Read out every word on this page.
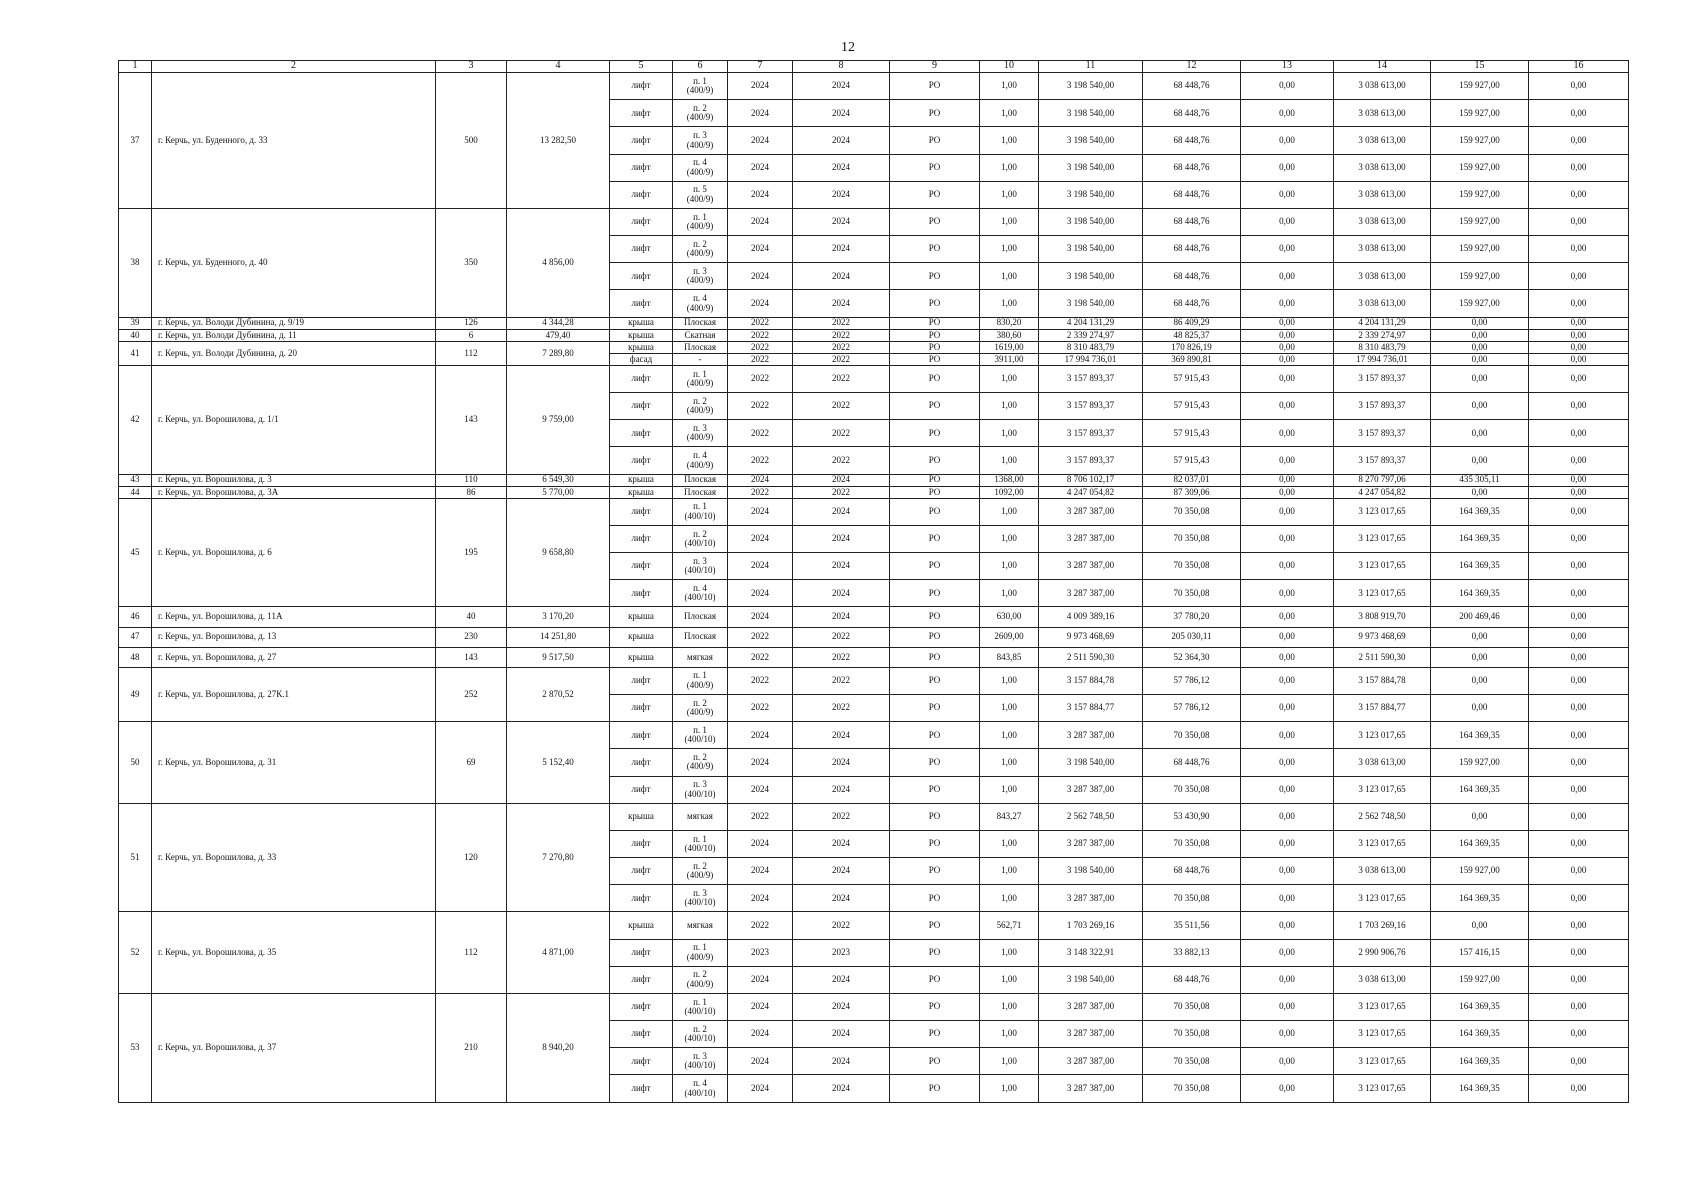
12
1	2	3	4	5	6	7	8	9	10	11	12	13	14	15	16
37	г. Керчь, ул. Буденного, д. 33	500	13 282,50	лифт	п. 1
(400/9)	2024	2024	РО	1,00	3 198 540,00	68 448,76	0,00	3 038 613,00	159 927,00	0,00
				лифт	п. 2
(400/9)	2024	2024	РО	1,00	3 198 540,00	68 448,76	0,00	3 038 613,00	159 927,00	0,00
				лифт	п. 3
(400/9)	2024	2024	РО	1,00	3 198 540,00	68 448,76	0,00	3 038 613,00	159 927,00	0,00
				лифт	п. 4
(400/9)	2024	2024	РО	1,00	3 198 540,00	68 448,76	0,00	3 038 613,00	159 927,00	0,00
				лифт	п. 5
(400/9)	2024	2024	РО	1,00	3 198 540,00	68 448,76	0,00	3 038 613,00	159 927,00	0,00
38	г. Керчь, ул. Буденного, д. 40	350	4 856,00	лифт	п. 1
(400/9)	2024	2024	РО	1,00	3 198 540,00	68 448,76	0,00	3 038 613,00	159 927,00	0,00
				лифт	п. 2
(400/9)	2024	2024	РО	1,00	3 198 540,00	68 448,76	0,00	3 038 613,00	159 927,00	0,00
				лифт	п. 3
(400/9)	2024	2024	РО	1,00	3 198 540,00	68 448,76	0,00	3 038 613,00	159 927,00	0,00
				лифт	п. 4
(400/9)	2024	2024	РО	1,00	3 198 540,00	68 448,76	0,00	3 038 613,00	159 927,00	0,00
39	г. Керчь, ул. Володи Дубинина, д. 9/19	126	4 344,28	крыша	Плоская	2022	2022	РО	830,20	4 204 131,29	86 409,29	0,00	4 204 131,29	0,00	0,00
40	г. Керчь, ул. Володи Дубинина, д. 11	6	479,40	крыша	Скатная	2022	2022	РО	380,60	2 339 274,97	48 825,37	0,00	2 339 274,97	0,00	0,00
41	г. Керчь, ул. Володи Дубинина, д. 20	112	7 289,80	крыша	Плоская	2022	2022	РО	1619,00	8 310 483,79	170 826,19	0,00	8 310 483,79	0,00	0,00
				фасад	-	2022	2022	РО	3911,00	17 994 736,01	369 890,81	0,00	17 994 736,01	0,00	0,00
42	г. Керчь, ул. Ворошилова, д. 1/1	143	9 759,00	лифт	п. 1
(400/9)	2022	2022	РО	1,00	3 157 893,37	57 915,43	0,00	3 157 893,37	0,00	0,00
				лифт	п. 2
(400/9)	2022	2022	РО	1,00	3 157 893,37	57 915,43	0,00	3 157 893,37	0,00	0,00
				лифт	п. 3
(400/9)	2022	2022	РО	1,00	3 157 893,37	57 915,43	0,00	3 157 893,37	0,00	0,00
				лифт	п. 4
(400/9)	2022	2022	РО	1,00	3 157 893,37	57 915,43	0,00	3 157 893,37	0,00	0,00
43	г. Керчь, ул. Ворошилова, д. 3	110	6 549,30	крыша	Плоская	2024	2024	РО	1368,00	8 706 102,17	82 037,01	0,00	8 270 797,06	435 305,11	0,00
44	г. Керчь, ул. Ворошилова, д. 3А	86	5 770,00	крыша	Плоская	2022	2022	РО	1092,00	4 247 054,82	87 309,06	0,00	4 247 054,82	0,00	0,00
45	г. Керчь, ул. Ворошилова, д. 6	195	9 658,80	лифт	п. 1
(400/10)	2024	2024	РО	1,00	3 287 387,00	70 350,08	0,00	3 123 017,65	164 369,35	0,00
				лифт	п. 2
(400/10)	2024	2024	РО	1,00	3 287 387,00	70 350,08	0,00	3 123 017,65	164 369,35	0,00
				лифт	п. 3
(400/10)	2024	2024	РО	1,00	3 287 387,00	70 350,08	0,00	3 123 017,65	164 369,35	0,00
				лифт	п. 4
(400/10)	2024	2024	РО	1,00	3 287 387,00	70 350,08	0,00	3 123 017,65	164 369,35	0,00
46	г. Керчь, ул. Ворошилова, д. 11А	40	3 170,20	крыша	Плоская	2024	2024	РО	630,00	4 009 389,16	37 780,20	0,00	3 808 919,70	200 469,46	0,00
47	г. Керчь, ул. Ворошилова, д. 13	230	14 251,80	крыша	Плоская	2022	2022	РО	2609,00	9 973 468,69	205 030,11	0,00	9 973 468,69	0,00	0,00
48	г. Керчь, ул. Ворошилова, д. 27	143	9 517,50	крыша	мягкая	2022	2022	РО	843,85	2 511 590,30	52 364,30	0,00	2 511 590,30	0,00	0,00
49	г. Керчь, ул. Ворошилова, д. 27К.1	252	2 870,52	лифт	п. 1
(400/9)	2022	2022	РО	1,00	3 157 884,78	57 786,12	0,00	3 157 884,78	0,00	0,00
				лифт	п. 2
(400/9)	2022	2022	РО	1,00	3 157 884,77	57 786,12	0,00	3 157 884,77	0,00	0,00
50	г. Керчь, ул. Ворошилова, д. 31	69	5 152,40	лифт	п. 1
(400/10)	2024	2024	РО	1,00	3 287 387,00	70 350,08	0,00	3 123 017,65	164 369,35	0,00
				лифт	п. 2
(400/9)	2024	2024	РО	1,00	3 198 540,00	68 448,76	0,00	3 038 613,00	159 927,00	0,00
				лифт	п. 3
(400/10)	2024	2024	РО	1,00	3 287 387,00	70 350,08	0,00	3 123 017,65	164 369,35	0,00
51	г. Керчь, ул. Ворошилова, д. 33	120	7 270,80	крыша	мягкая	2022	2022	РО	843,27	2 562 748,50	53 430,90	0,00	2 562 748,50	0,00	0,00
				лифт	п. 1
(400/10)	2024	2024	РО	1,00	3 287 387,00	70 350,08	0,00	3 123 017,65	164 369,35	0,00
				лифт	п. 2
(400/9)	2024	2024	РО	1,00	3 198 540,00	68 448,76	0,00	3 038 613,00	159 927,00	0,00
				лифт	п. 3
(400/10)	2024	2024	РО	1,00	3 287 387,00	70 350,08	0,00	3 123 017,65	164 369,35	0,00
52	г. Керчь, ул. Ворошилова, д. 35	112	4 871,00	крыша	мягкая	2022	2022	РО	562,71	1 703 269,16	35 511,56	0,00	1 703 269,16	0,00	0,00
				лифт	п. 1
(400/9)	2023	2023	РО	1,00	3 148 322,91	33 882,13	0,00	2 990 906,76	157 416,15	0,00
				лифт	п. 2
(400/9)	2024	2024	РО	1,00	3 198 540,00	68 448,76	0,00	3 038 613,00	159 927,00	0,00
53	г. Керчь, ул. Ворошилова, д. 37	210	8 940,20	лифт	п. 1
(400/10)	2024	2024	РО	1,00	3 287 387,00	70 350,08	0,00	3 123 017,65	164 369,35	0,00
				лифт	п. 2
(400/10)	2024	2024	РО	1,00	3 287 387,00	70 350,08	0,00	3 123 017,65	164 369,35	0,00
				лифт	п. 3
(400/10)	2024	2024	РО	1,00	3 287 387,00	70 350,08	0,00	3 123 017,65	164 369,35	0,00
				лифт	п. 4
(400/10)	2024	2024	РО	1,00	3 287 387,00	70 350,08	0,00	3 123 017,65	164 369,35	0,00
